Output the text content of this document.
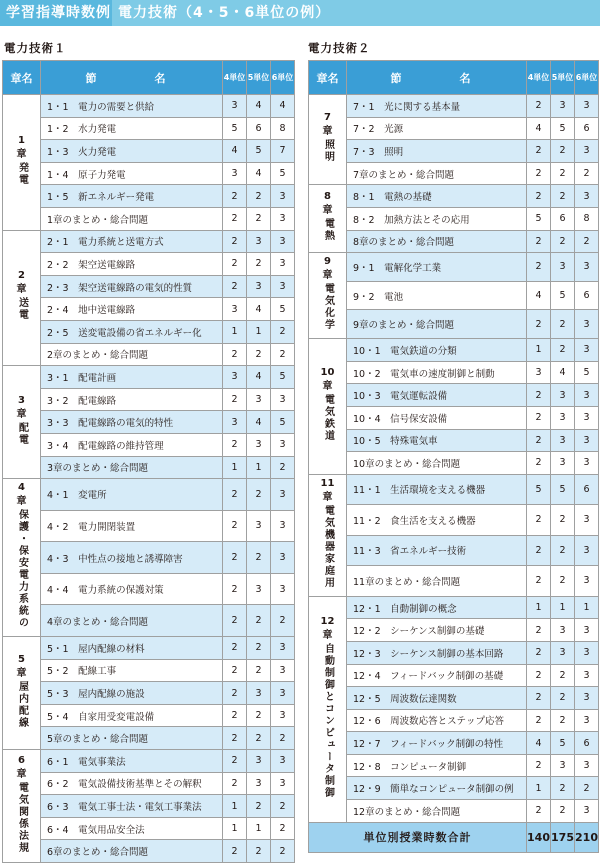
学習指導時数例 電力技術（4・5・6単位の例）
電力技術１	電力技術２
章名	節　　名	4単位	5単位	6単位

1
章
発電	1・1　電力の需要と供給	3	4	4
	1・2　水力発電	5	6	8
	1・3　火力発電	4	5	7
	1・4　原子力発電	3	4	5
	1・5　新エネルギー発電	2	2	3
	1章のまとめ・総合問題	2	2	3

2
章
送電	2・1　電力系統と送電方式	2	3	3
	2・2　架空送電線路	2	2	3
	2・3　架空送電線路の電気的性質	2	3	3
	2・4　地中送電線路	3	4	5
	2・5　送変電設備の省エネルギー化	1	1	2
	2章のまとめ・総合問題	2	2	2

3
章
配電	3・1　配電計画	3	4	5
	3・2　配電線路	2	3	3
	3・3　配電線路の電気的特性	3	4	5
	3・4　配電線路の維持管理	2	3	3
	3章のまとめ・総合問題	1	1	2

4
章
保護・保安電力系統の	4・1　変電所	2	2	3
	4・2　電力開閉装置	2	3	3
	4・3　中性点の接地と誘導障害	2	2	3
	4・4　電力系統の保護対策	2	3	3
	4章のまとめ・総合問題	2	2	2

5
章
屋内配線	5・1　屋内配線の材料	2	2	3
	5・2　配線工事	2	2	3
	5・3　屋内配線の施設	2	3	3
	5・4　自家用受変電設備	2	2	3
	5章のまとめ・総合問題	2	2	2

6
章
電気関係法規	6・1　電気事業法	2	3	3
	6・2　電気設備技術基準とその解釈	2	3	3
	6・3　電気工事士法・電気工事業法	1	2	2
	6・4　電気用品安全法	1	1	2
	6章のまとめ・総合問題	2	2	2
章名	節　　名	4単位	5単位	6単位

7
章
照明	7・1　光に関する基本量	2	3	3
	7・2　光源	4	5	6
	7・3　照明	2	2	3
	7章のまとめ・総合問題	2	2	2

8
章
電熱	8・1　電熱の基礎	2	2	3
	8・2　加熱方法とその応用	5	6	8
	8章のまとめ・総合問題	2	2	2

9
章
電気化学	9・1　電解化学工業	2	3	3
	9・2　電池	4	5	6
	9章のまとめ・総合問題	2	2	3

10
章
電気鉄道	10・1　電気鉄道の分類	1	2	3
	10・2　電気車の速度制御と制動	3	4	5
	10・3　電気運転設備	2	3	3
	10・4　信号保安設備	2	3	3
	10・5　特殊電気車	2	3	3
	10章のまとめ・総合問題	2	3	3

11
章
電気機器家庭用	11・1　生活環境を支える機器	5	5	6
	11・2　食生活を支える機器	2	2	3
	11・3　省エネルギー技術	2	2	3
	11章のまとめ・総合問題	2	2	3

12
章
自動制御とコンピュータ制御	12・1　自動制御の概念	1	1	1
	12・2　シーケンス制御の基礎	2	3	3
	12・3　シーケンス制御の基本回路	2	3	3
	12・4　フィードバック制御の基礎	2	2	3
	12・5　周波数伝達関数	2	2	3
	12・6　周波数応答とステップ応答	2	2	3
	12・7　フィードバック制御の特性	4	5	6
	12・8　コンピュータ制御	2	3	3
	12・9　簡単なコンピュータ制御の例	1	2	2
	12章のまとめ・総合問題	2	2	3
単位別授業時数合計		140	175	210
